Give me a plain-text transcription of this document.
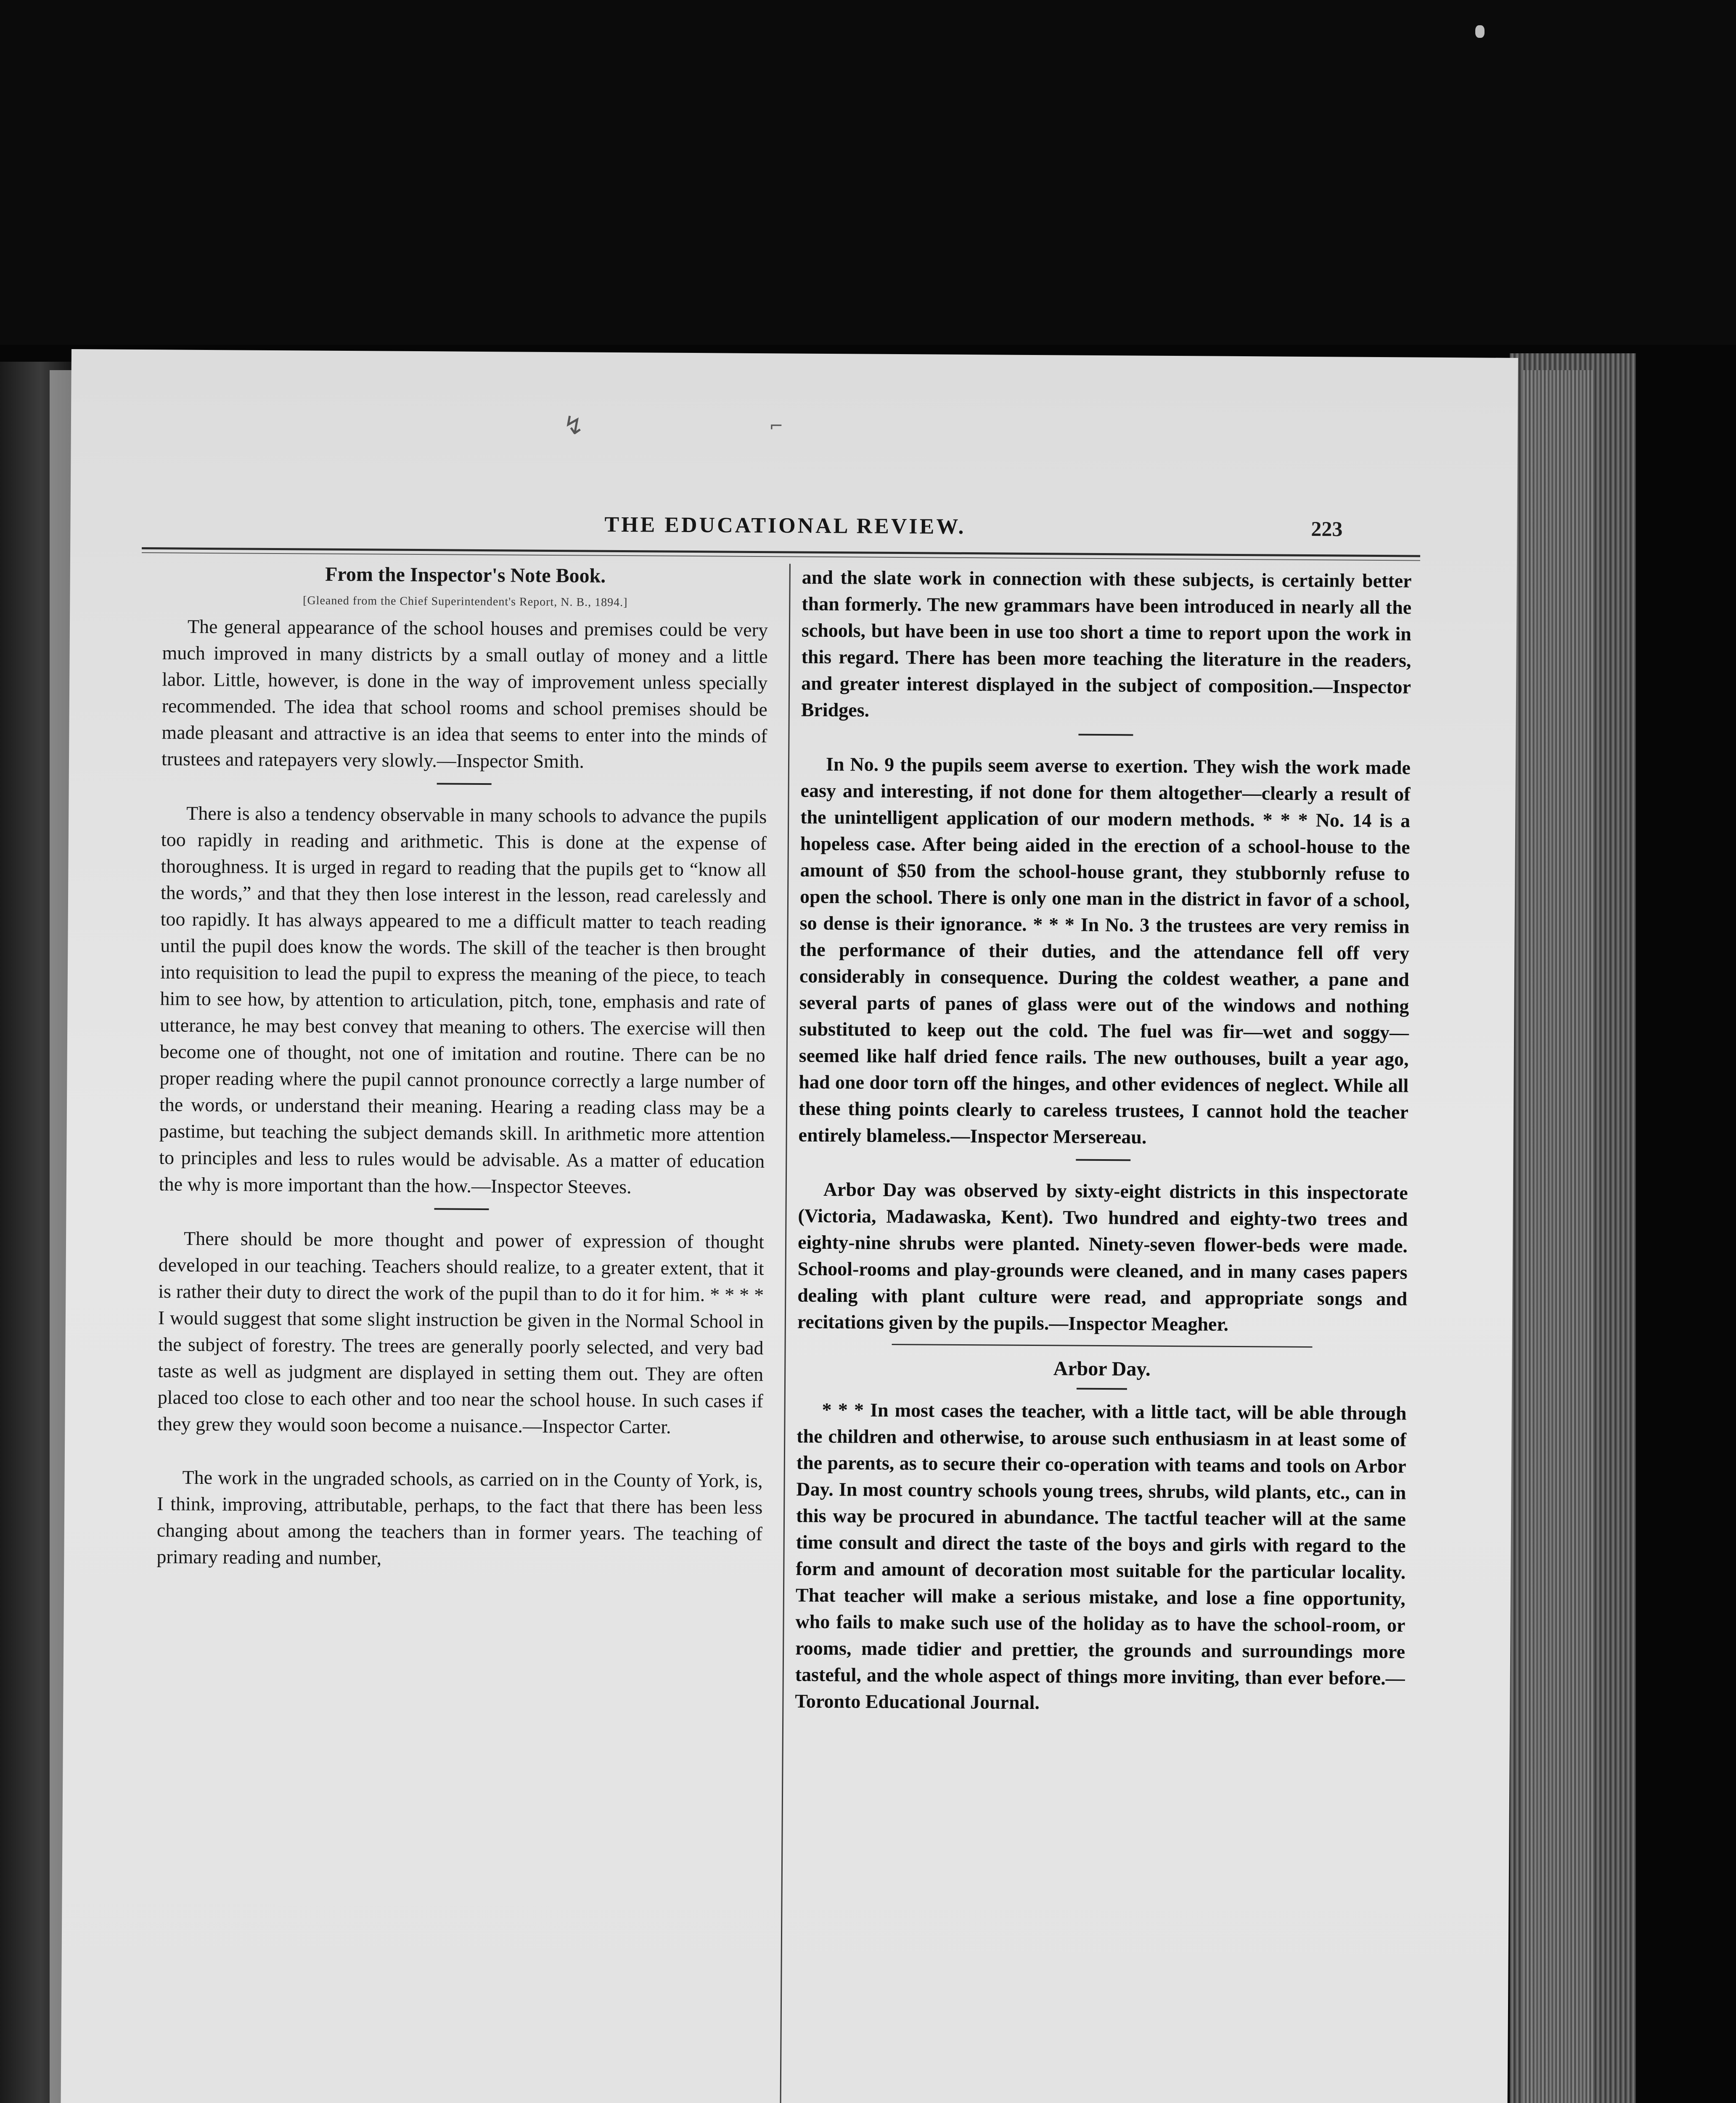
↯	⌐
THE EDUCATIONAL REVIEW.	223

From the Inspector's Note Book.

[Gleaned from the Chief Superintendent's Report, N. B., 1894.]

The general appearance of the school houses and premises could be very much improved in many districts by a small outlay of money and a little labor. Little, however, is done in the way of improvement unless specially recommended. The idea that school rooms and school premises should be made pleasant and attractive is an idea that seems to enter into the minds of trustees and ratepayers very slowly.—Inspector Smith.

There is also a tendency observable in many schools to advance the pupils too rapidly in reading and arithmetic. This is done at the expense of thoroughness. It is urged in regard to reading that the pupils get to “know all the words,” and that they then lose interest in the lesson, read carelessly and too rapidly. It has always appeared to me a difficult matter to teach reading until the pupil does know the words. The skill of the teacher is then brought into requisition to lead the pupil to express the meaning of the piece, to teach him to see how, by attention to articulation, pitch, tone, emphasis and rate of utterance, he may best convey that meaning to others. The exercise will then become one of thought, not one of imitation and routine. There can be no proper reading where the pupil cannot pronounce correctly a large number of the words, or understand their meaning. Hearing a reading class may be a pastime, but teaching the subject demands skill. In arithmetic more attention to principles and less to rules would be advisable. As a matter of education the why is more important than the how.—Inspector Steeves.

There should be more thought and power of expression of thought developed in our teaching. Teachers should realize, to a greater extent, that it is rather their duty to direct the work of the pupil than to do it for him. * * * * I would suggest that some slight instruction be given in the Normal School in the subject of forestry. The trees are generally poorly selected, and very bad taste as well as judgment are displayed in setting them out. They are often placed too close to each other and too near the school house. In such cases if they grew they would soon become a nuisance.—Inspector Carter.

The work in the ungraded schools, as carried on in the County of York, is, I think, improving, attributable, perhaps, to the fact that there has been less changing about among the teachers than in former years. The teaching of primary reading and number,

and the slate work in connection with these subjects, is certainly better than formerly. The new grammars have been introduced in nearly all the schools, but have been in use too short a time to report upon the work in this regard. There has been more teaching the literature in the readers, and greater interest displayed in the subject of composition.—Inspector Bridges.

In No. 9 the pupils seem averse to exertion. They wish the work made easy and interesting, if not done for them altogether—clearly a result of the unintelligent application of our modern methods. * * * No. 14 is a hopeless case. After being aided in the erection of a school-house to the amount of $50 from the school-house grant, they stubbornly refuse to open the school. There is only one man in the district in favor of a school, so dense is their ignorance. * * * In No. 3 the trustees are very remiss in the performance of their duties, and the attendance fell off very considerably in consequence. During the coldest weather, a pane and several parts of panes of glass were out of the windows and nothing substituted to keep out the cold. The fuel was fir—wet and soggy—seemed like half dried fence rails. The new outhouses, built a year ago, had one door torn off the hinges, and other evidences of neglect. While all these thing points clearly to careless trustees, I cannot hold the teacher entirely blameless.—Inspector Mersereau.

Arbor Day was observed by sixty-eight districts in this inspectorate (Victoria, Madawaska, Kent). Two hundred and eighty-two trees and eighty-nine shrubs were planted. Ninety-seven flower-beds were made. School-rooms and play-grounds were cleaned, and in many cases papers dealing with plant culture were read, and appropriate songs and recitations given by the pupils.—Inspector Meagher.

Arbor Day.

* * * In most cases the teacher, with a little tact, will be able through the children and otherwise, to arouse such enthusiasm in at least some of the parents, as to secure their co-operation with teams and tools on Arbor Day. In most country schools young trees, shrubs, wild plants, etc., can in this way be procured in abundance. The tactful teacher will at the same time consult and direct the taste of the boys and girls with regard to the form and amount of decoration most suitable for the particular locality. That teacher will make a serious mistake, and lose a fine opportunity, who fails to make such use of the holiday as to have the school-room, or rooms, made tidier and prettier, the grounds and surroundings more tasteful, and the whole aspect of things more inviting, than ever before.—Toronto Educational Journal.
